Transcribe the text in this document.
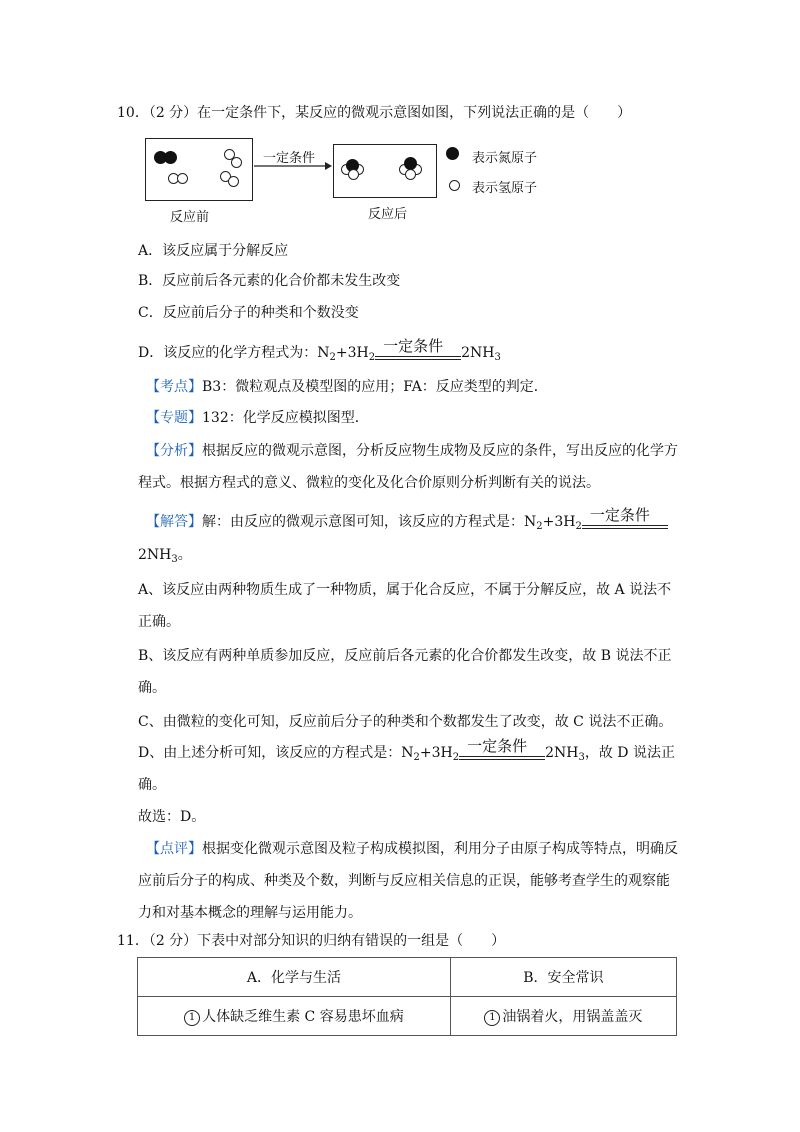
10．（2 分）在一定条件下，某反应的微观示意图如图，下列说法正确的是（　　）
反应前
一定条件
反应后
表示氮原子
表示氢原子
A．该反应属于分解反应
B．反应前后各元素的化合价都未发生改变
C．反应前后分子的种类和个数没变
D．该反应的化学方程式为：$N_2+3H_2$
一定条件 $2NH_3$
【考点】B3：微粒观点及模型图的应用；FA：反应类型的判定．
【专题】132：化学反应模拟图型．
【分析】根据反应的微观示意图，分析反应物生成物及反应的条件，写出反应的化学方
程式。根据方程式的意义、微粒的变化及化合价原则分析判断有关的说法。
【解答】解：由反应的微观示意图可知，该反应的方程式是：$N_2+3H_2$
一定条件
$2NH_3$。
A、该反应由两种物质生成了一种物质，属于化合反应，不属于分解反应，故 A 说法不
正确。
B、该反应有两种单质参加反应，反应前后各元素的化合价都发生改变，故 B 说法不正
确。
C、由微粒的变化可知，反应前后分子的种类和个数都发生了改变，故 C 说法不正确。
D、由上述分析可知，该反应的方程式是：$N_2+3H_2$
一定条件 $2NH_3$，故 D 说法正
确。
故选：D。
【点评】根据变化微观示意图及粒子构成模拟图，利用分子由原子构成等特点，明确反
应前后分子的构成、种类及个数，判断与反应相关信息的正误，能够考查学生的观察能
力和对基本概念的理解与运用能力。
11．（2 分）下表中对部分知识的归纳有错误的一组是（　　）
A．化学与生活	B．安全常识
1 人体缺乏维生素 C 容易患坏血病	1 油锅着火，用锅盖盖灭
